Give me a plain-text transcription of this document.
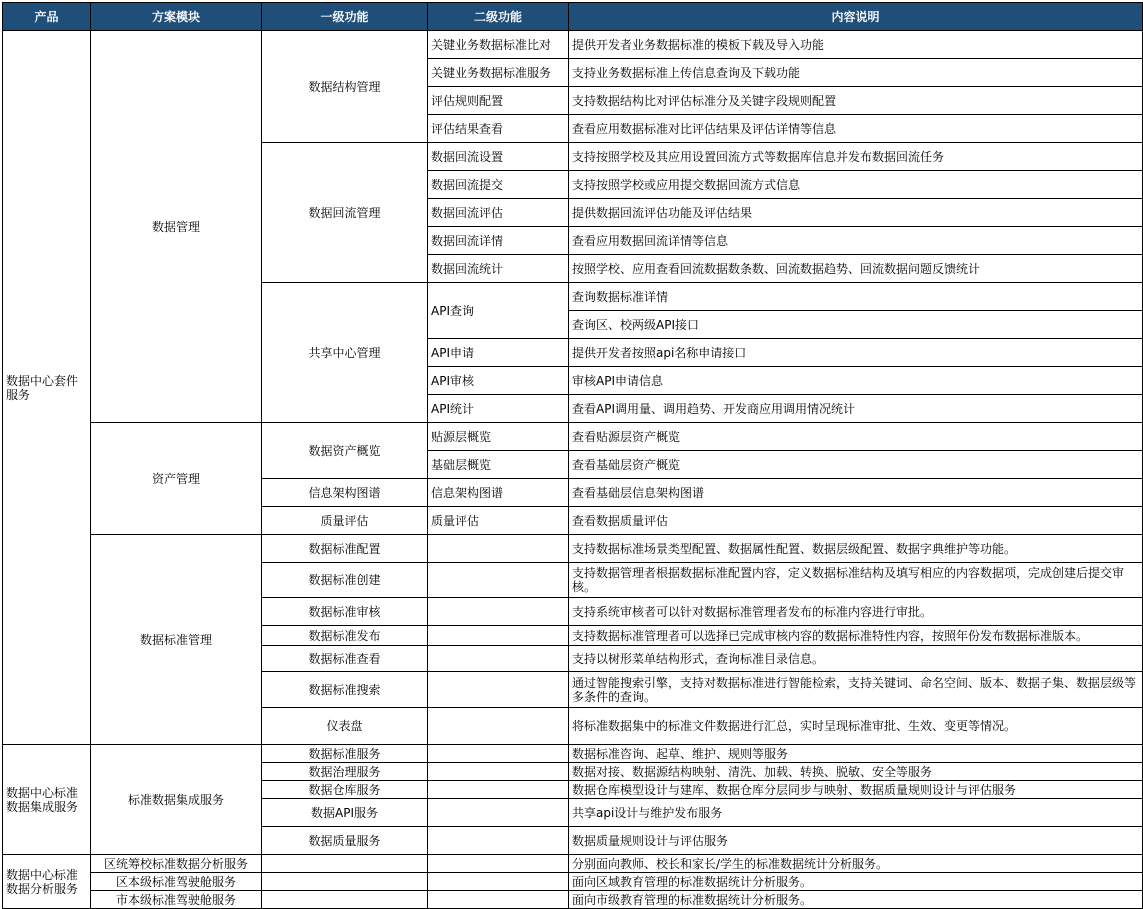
产品	方案模块	一级功能	二级功能	内容说明
数据中心套件服务	数据管理	数据结构管理	关键业务数据标准比对	提供开发者业务数据标准的模板下载及导入功能
			关键业务数据标准服务	支持业务数据标准上传信息查询及下载功能
			评估规则配置	支持数据结构比对评估标准分及关键字段规则配置
			评估结果查看	查看应用数据标准对比评估结果及评估详情等信息
		数据回流管理	数据回流设置	支持按照学校及其应用设置回流方式等数据库信息并发布数据回流任务
			数据回流提交	支持按照学校或应用提交数据回流方式信息
			数据回流评估	提供数据回流评估功能及评估结果
			数据回流详情	查看应用数据回流详情等信息
			数据回流统计	按照学校、应用查看回流数据数条数、回流数据趋势、回流数据问题反馈统计
		共享中心管理	API查询	查询数据标准详情
				查询区、校两级API接口
			API申请	提供开发者按照api名称申请接口
			API审核	审核API申请信息
			API统计	查看API调用量、调用趋势、开发商应用调用情况统计
	资产管理	数据资产概览	贴源层概览	查看贴源层资产概览
			基础层概览	查看基础层资产概览
		信息架构图谱	信息架构图谱	查看基础层信息架构图谱
		质量评估	质量评估	查看数据质量评估
	数据标准管理	数据标准配置		支持数据标准场景类型配置、数据属性配置、数据层级配置、数据字典维护等功能。
		数据标准创建		支持数据管理者根据数据标准配置内容，定义数据标准结构及填写相应的内容数据项，完成创建后提交审核。
		数据标准审核		支持系统审核者可以针对数据标准管理者发布的标准内容进行审批。
		数据标准发布		支持数据标准管理者可以选择已完成审核内容的数据标准特性内容，按照年份发布数据标准版本。
		数据标准查看		支持以树形菜单结构形式，查询标准目录信息。
		数据标准搜索		通过智能搜索引擎，支持对数据标准进行智能检索，支持关键词、命名空间、版本、数据子集、数据层级等多条件的查询。
		仪表盘		将标准数据集中的标准文件数据进行汇总，实时呈现标准审批、生效、变更等情况。
数据中心标准数据集成服务	标准数据集成服务	数据标准服务		数据标准咨询、起草、维护、规则等服务
		数据治理服务		数据对接、数据源结构映射、清洗、加载、转换、脱敏、安全等服务
		数据仓库服务		数据仓库模型设计与建库、数据仓库分层同步与映射、数据质量规则设计与评估服务
		数据API服务		共享api设计与维护发布服务
		数据质量服务		数据质量规则设计与评估服务
数据中心标准数据分析服务	区统筹校标准数据分析服务			分别面向教师、校长和家长/学生的标准数据统计分析服务。
	区本级标准驾驶舱服务			面向区域教育管理的标准数据统计分析服务。
	市本级标准驾驶舱服务			面向市级教育管理的标准数据统计分析服务。
